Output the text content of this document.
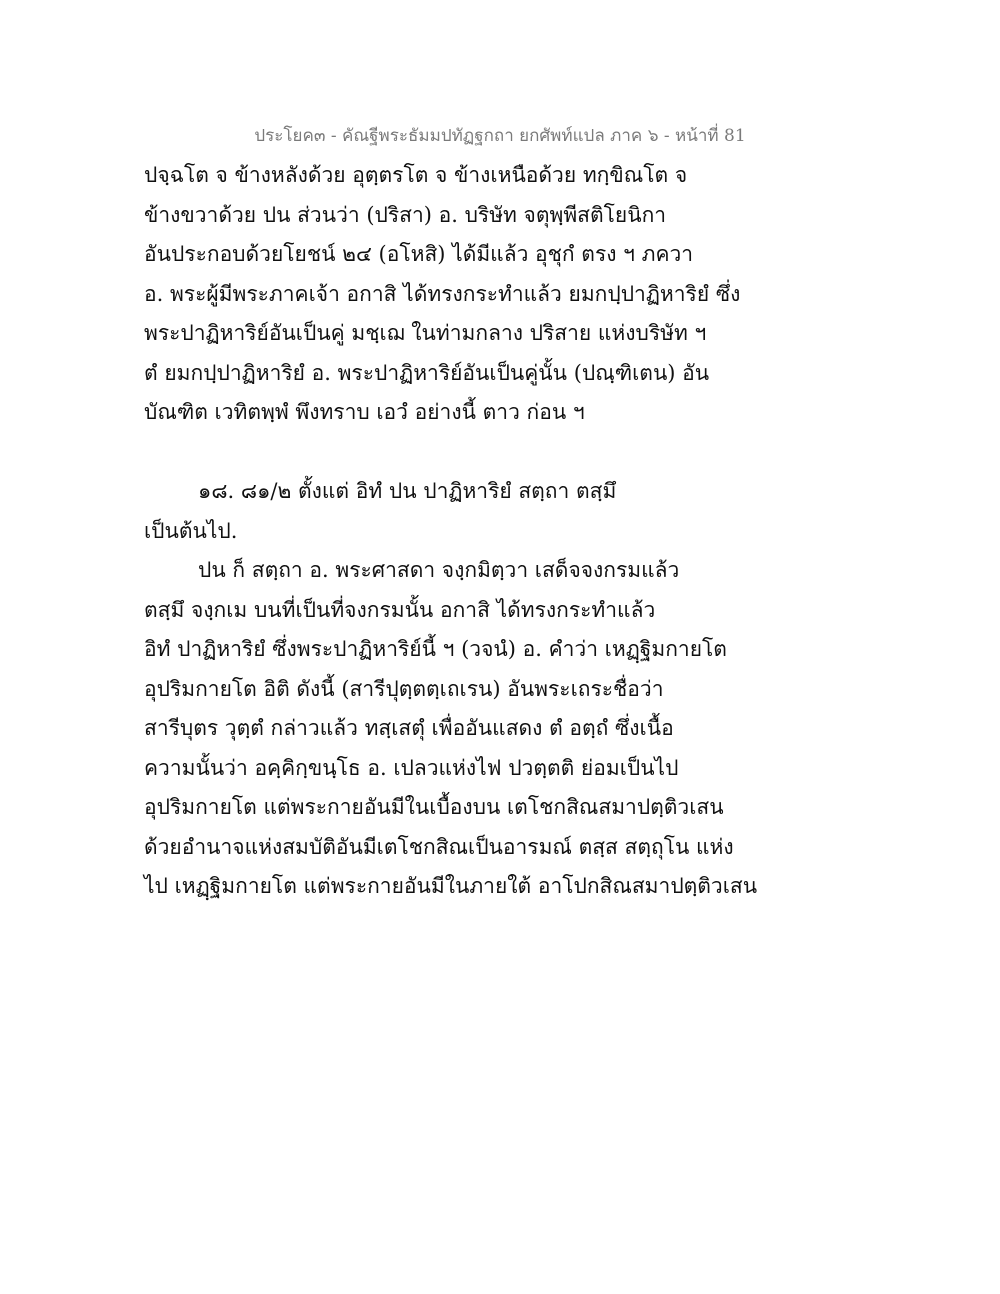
ประโยค๓ - คัณฐีพระธัมมปทัฏฐกถา ยกศัพท์แปล ภาค ๖ - หน้าที่ 81
ปจฺฉโต จ ข้างหลังด้วย อุตฺตรโต จ ข้างเหนือด้วย ทกฺขิณโต จ
ข้างขวาด้วย ปน ส่วนว่า (ปริสา) อ. บริษัท จตุพฺพีสติโยนิกา
อันประกอบด้วยโยชน์ ๒๔ (อโหสิ) ได้มีแล้ว อุชุกํ ตรง ฯ ภควา
อ. พระผู้มีพระภาคเจ้า อกาสิ ได้ทรงกระทำแล้ว ยมกปฺปาฏิหาริยํ ซึ่ง
พระปาฏิหาริย์อันเป็นคู่ มชฺเฌ ในท่ามกลาง ปริสาย แห่งบริษัท ฯ
ตํ ยมกปฺปาฏิหาริยํ อ. พระปาฏิหาริย์อันเป็นคู่นั้น (ปณฺฑิเตน) อัน
บัณฑิต เวทิตพฺพํ พึงทราบ เอวํ อย่างนี้ ตาว ก่อน ฯ
๑๘. ๘๑/๒ ตั้งแต่ อิทํ ปน ปาฏิหาริยํ สตฺถา ตสฺมึ
เป็นต้นไป.
ปน ก็ สตฺถา อ. พระศาสดา จงฺกมิตฺวา เสด็จจงกรมแล้ว
ตสฺมึ จงฺกเม บนที่เป็นที่จงกรมนั้น อกาสิ ได้ทรงกระทำแล้ว
อิทํ ปาฏิหาริยํ ซึ่งพระปาฏิหาริย์นี้ ฯ (วจนํ) อ. คำว่า เหฏฺฐิมกายโต
อุปริมกายโต อิติ ดังนี้ (สารีปุตฺตตฺเถเรน) อันพระเถระชื่อว่า
สารีบุตร วุตฺตํ กล่าวแล้ว ทสฺเสตุํ เพื่ออันแสดง ตํ อตฺถํ ซึ่งเนื้อ
ความนั้นว่า อคฺคิกฺขนฺโธ อ. เปลวแห่งไฟ ปวตฺตติ ย่อมเป็นไป
อุปริมกายโต แต่พระกายอันมีในเบื้องบน เตโชกสิณสมาปตฺติวเสน
ด้วยอำนาจแห่งสมบัติอันมีเตโชกสิณเป็นอารมณ์ ตสฺส สตฺถุโน แห่ง
ไป เหฏฺฐิมกายโต แต่พระกายอันมีในภายใต้ อาโปกสิณสมาปตฺติวเสน
